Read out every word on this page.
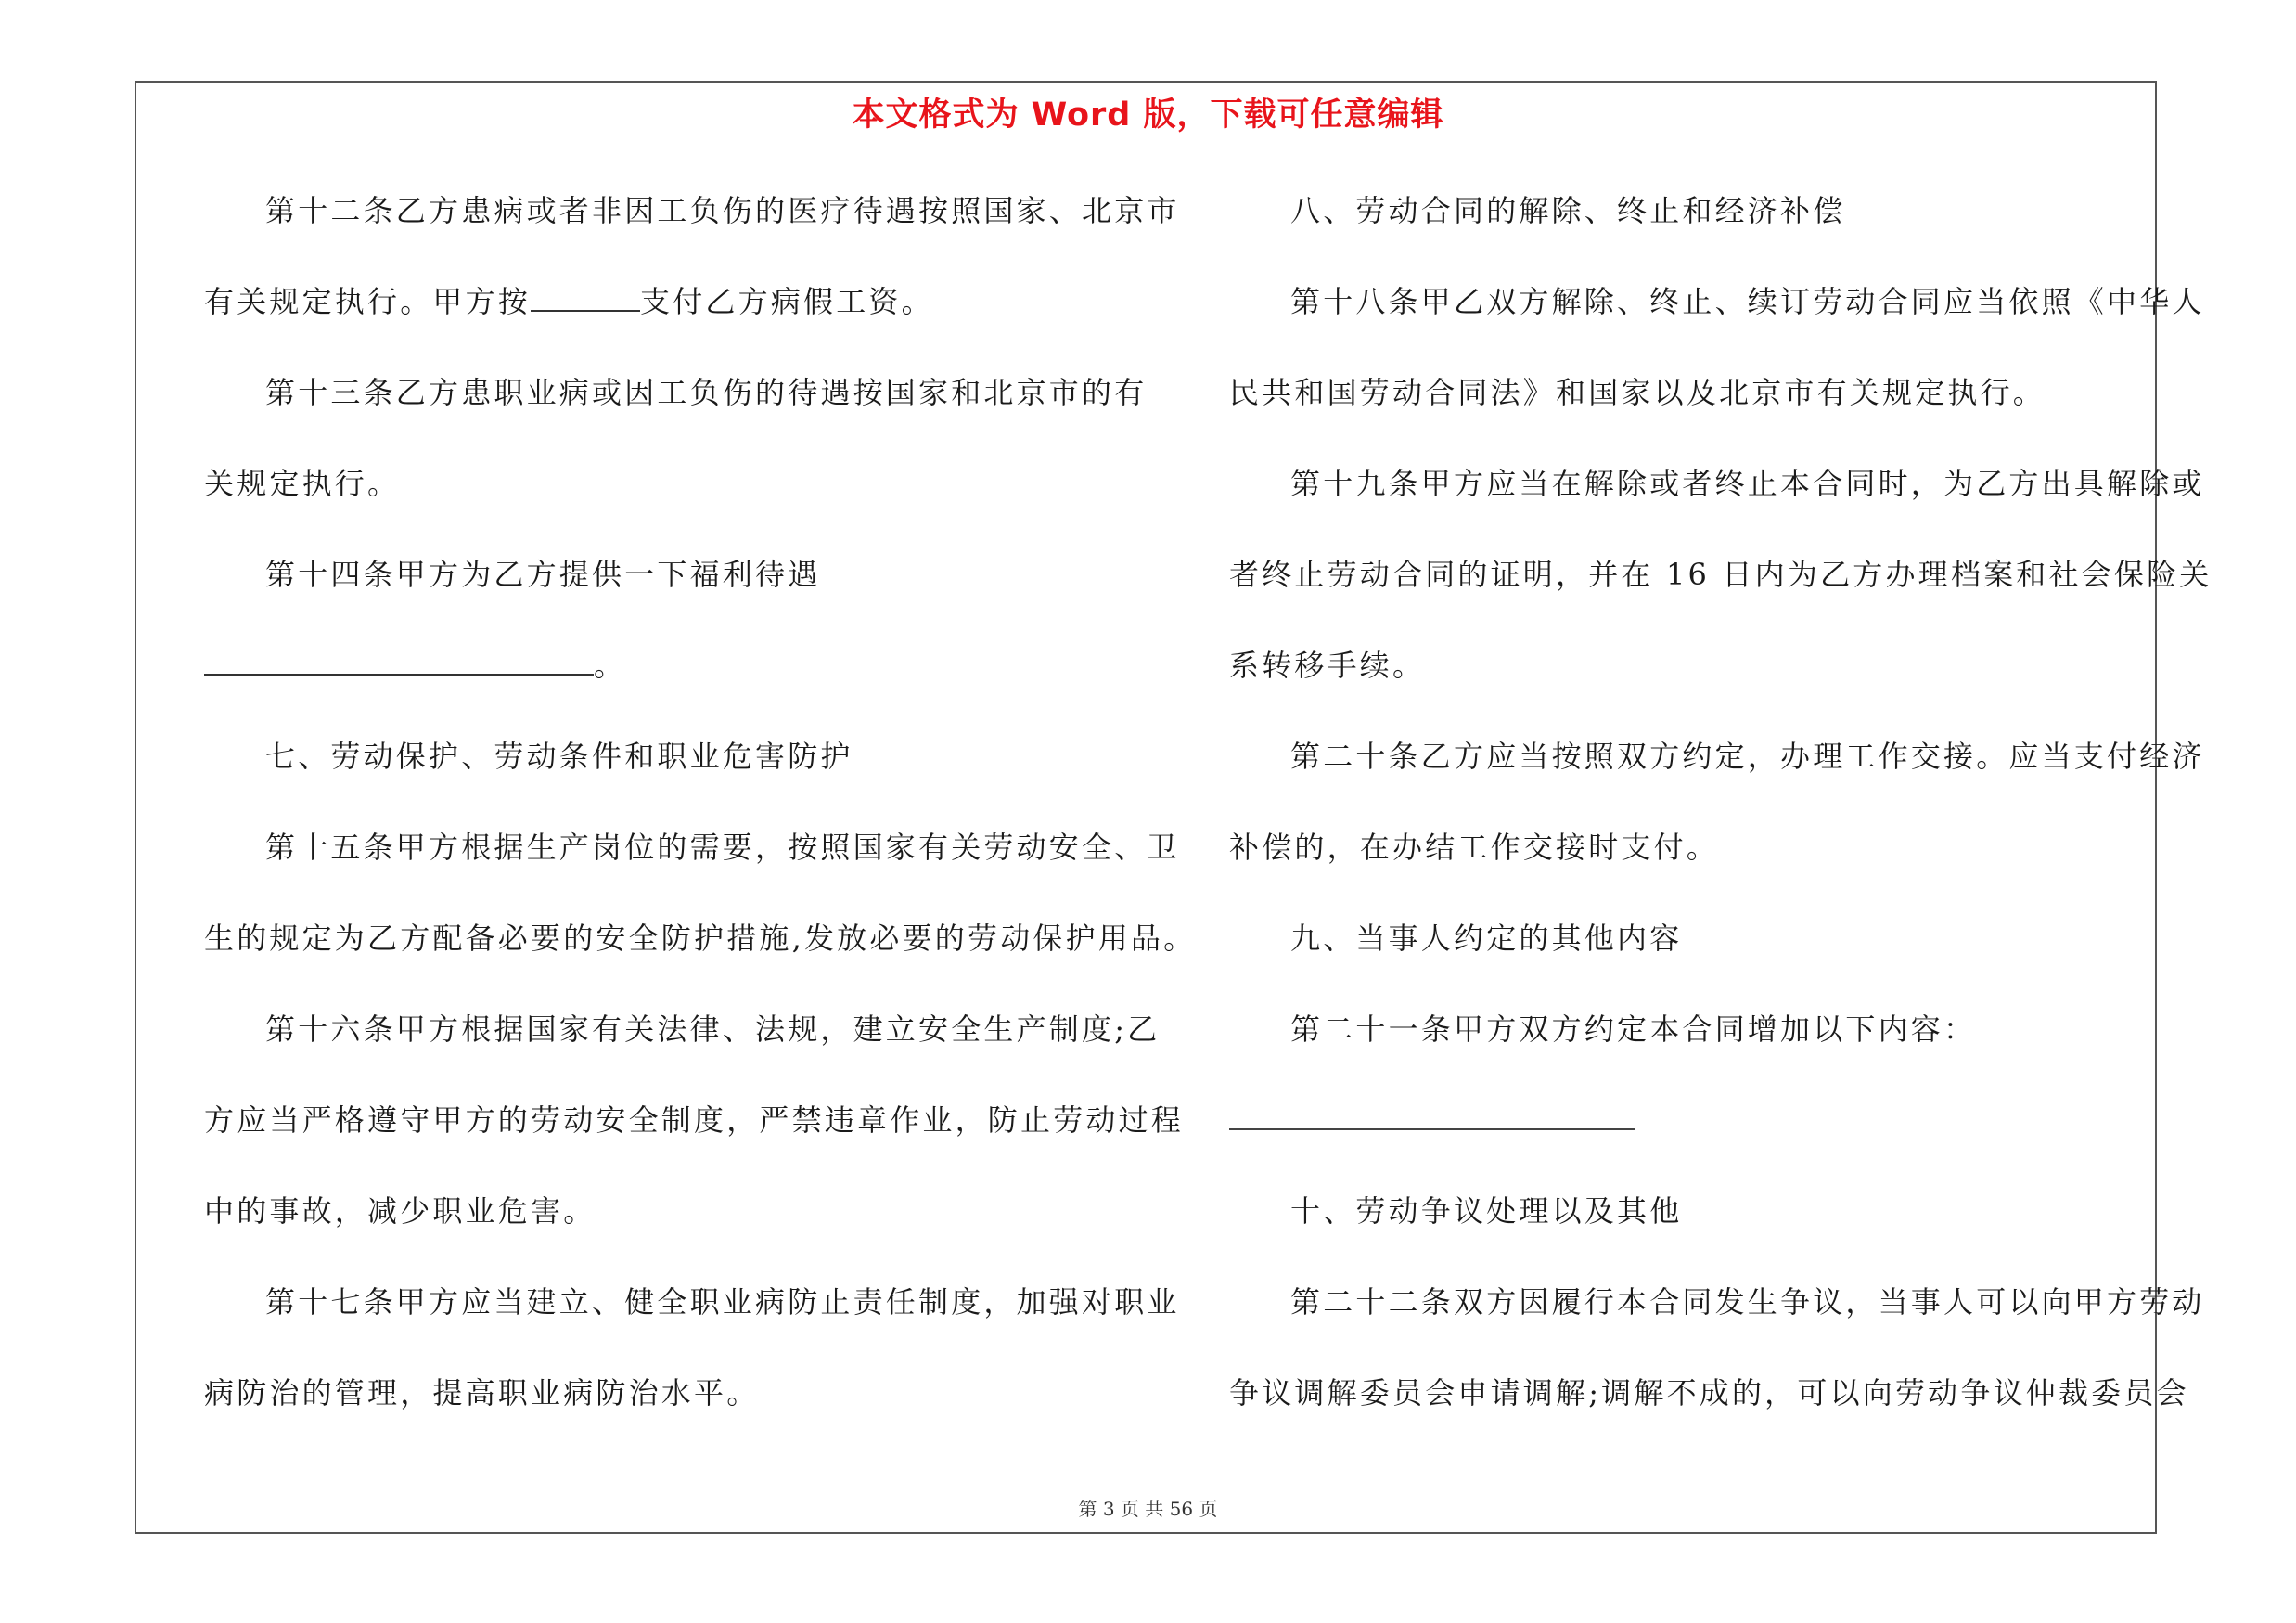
本文格式为 Word 版，下载可任意编辑
第十二条乙方患病或者非因工负伤的医疗待遇按照国家、北京市
有关规定执行。甲方按	支付乙方病假工资。
第十三条乙方患职业病或因工负伤的待遇按国家和北京市的有
关规定执行。
第十四条甲方为乙方提供一下福利待遇
。
七、劳动保护、劳动条件和职业危害防护
第十五条甲方根据生产岗位的需要，按照国家有关劳动安全、卫
生的规定为乙方配备必要的安全防护措施,发放必要的劳动保护用品。
第十六条甲方根据国家有关法律、法规，建立安全生产制度;乙
方应当严格遵守甲方的劳动安全制度，严禁违章作业，防止劳动过程
中的事故，减少职业危害。
第十七条甲方应当建立、健全职业病防止责任制度，加强对职业
病防治的管理，提高职业病防治水平。
八、劳动合同的解除、终止和经济补偿
第十八条甲乙双方解除、终止、续订劳动合同应当依照《中华人
民共和国劳动合同法》和国家以及北京市有关规定执行。
第十九条甲方应当在解除或者终止本合同时，为乙方出具解除或
者终止劳动合同的证明，并在 16 日内为乙方办理档案和社会保险关
系转移手续。
第二十条乙方应当按照双方约定，办理工作交接。应当支付经济
补偿的，在办结工作交接时支付。
九、当事人约定的其他内容
第二十一条甲方双方约定本合同增加以下内容：
十、劳动争议处理以及其他
第二十二条双方因履行本合同发生争议，当事人可以向甲方劳动
争议调解委员会申请调解;调解不成的，可以向劳动争议仲裁委员会
第 3 页 共 56 页
